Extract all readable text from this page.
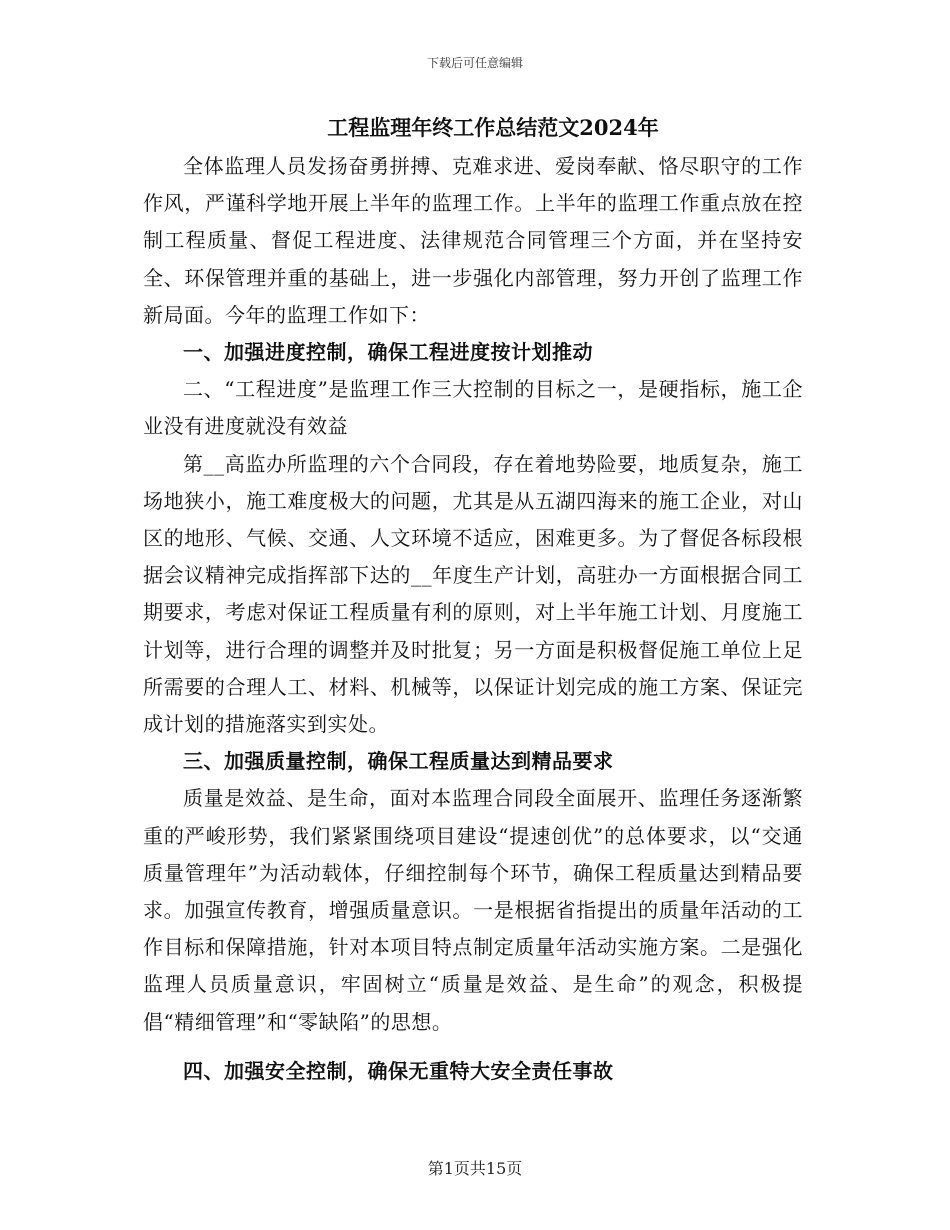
下载后可任意编辑
工程监理年终工作总结范文2024年

全体监理人员发扬奋勇拼搏、克难求进、爱岗奉献、恪尽职守的工作作风，严谨科学地开展上半年的监理工作。上半年的监理工作重点放在控制工程质量、督促工程进度、法律规范合同管理三个方面，并在坚持安全、环保管理并重的基础上，进一步强化内部管理，努力开创了监理工作新局面。今年的监理工作如下：

一、加强进度控制，确保工程进度按计划推动

二、“工程进度”是监理工作三大控制的目标之一，是硬指标，施工企业没有进度就没有效益

第__高监办所监理的六个合同段，存在着地势险要，地质复杂，施工场地狭小，施工难度极大的问题，尤其是从五湖四海来的施工企业，对山区的地形、气候、交通、人文环境不适应，困难更多。为了督促各标段根据会议精神完成指挥部下达的__年度生产计划，高驻办一方面根据合同工期要求，考虑对保证工程质量有利的原则，对上半年施工计划、月度施工计划等，进行合理的调整并及时批复；另一方面是积极督促施工单位上足所需要的合理人工、材料、机械等，以保证计划完成的施工方案、保证完成计划的措施落实到实处。

三、加强质量控制，确保工程质量达到精品要求

质量是效益、是生命，面对本监理合同段全面展开、监理任务逐渐繁重的严峻形势，我们紧紧围绕项目建设“提速创优”的总体要求，以“交通质量管理年”为活动载体，仔细控制每个环节，确保工程质量达到精品要求。加强宣传教育，增强质量意识。一是根据省指提出的质量年活动的工作目标和保障措施，针对本项目特点制定质量年活动实施方案。二是强化监理人员质量意识，牢固树立“质量是效益、是生命”的观念，积极提倡“精细管理”和“零缺陷”的思想。

四、加强安全控制，确保无重特大安全责任事故

第1页共15页
